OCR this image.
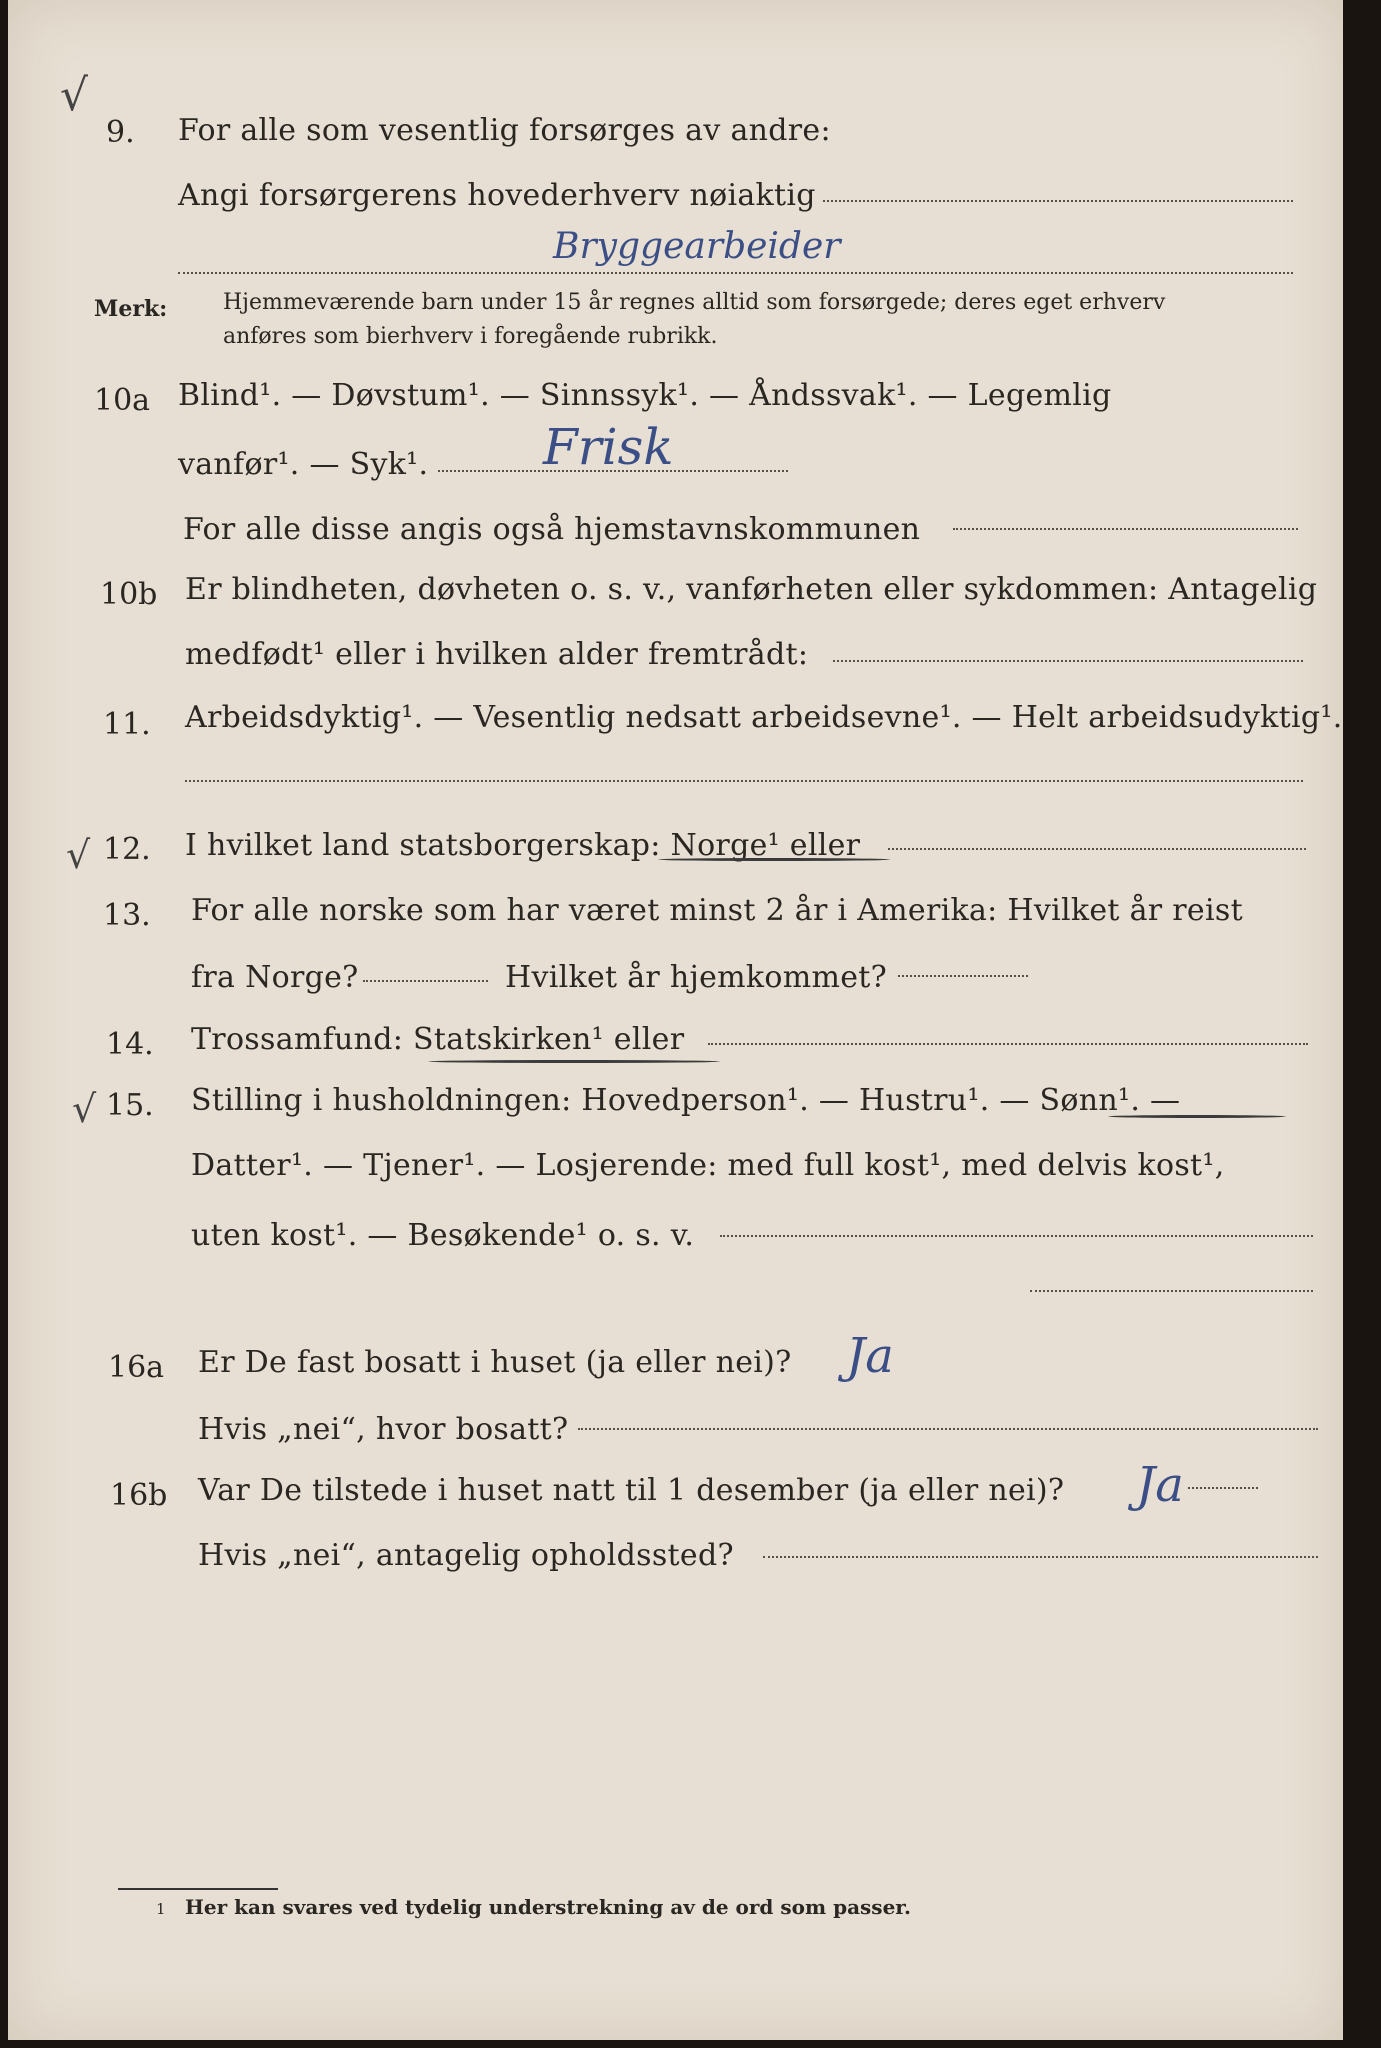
√
9. For alle som vesentlig forsørges av andre:
Angi forsørgerens hovederhverv nøiaktig
Bryggearbeider
Merk:	Hjemmeværende barn under 15 år regnes alltid som forsørgede; deres eget erhverv
anføres som bierhverv i foregående rubrikk.
10a Blind¹. — Døvstum¹. — Sinnssyk¹. — Åndssvak¹. — Legemlig
vanfør¹. — Syk¹. Frisk
For alle disse angis også hjemstavnskommunen
10b Er blindheten, døvheten o. s. v., vanførheten eller sykdommen: Antagelig
medfødt¹ eller i hvilken alder fremtrådt:
11. Arbeidsdyktig¹. — Vesentlig nedsatt arbeidsevne¹. — Helt arbeidsudyktig¹.
√ 12. I hvilket land statsborgerskap: Norge¹ eller
13. For alle norske som har været minst 2 år i Amerika: Hvilket år reist
fra Norge?	Hvilket år hjemkommet?
14. Trossamfund: Statskirken¹ eller
√ 15. Stilling i husholdningen: Hovedperson¹. — Hustru¹. — Sønn¹. —
Datter¹. — Tjener¹. — Losjerende: med full kost¹, med delvis kost¹,
uten kost¹. — Besøkende¹ o. s. v.
16a Er De fast bosatt i huset (ja eller nei)? Ja
Hvis „nei“, hvor bosatt?
16b Var De tilstede i huset natt til 1 desember (ja eller nei)? Ja
Hvis „nei“, antagelig opholdssted?
1 Her kan svares ved tydelig understrekning av de ord som passer.
